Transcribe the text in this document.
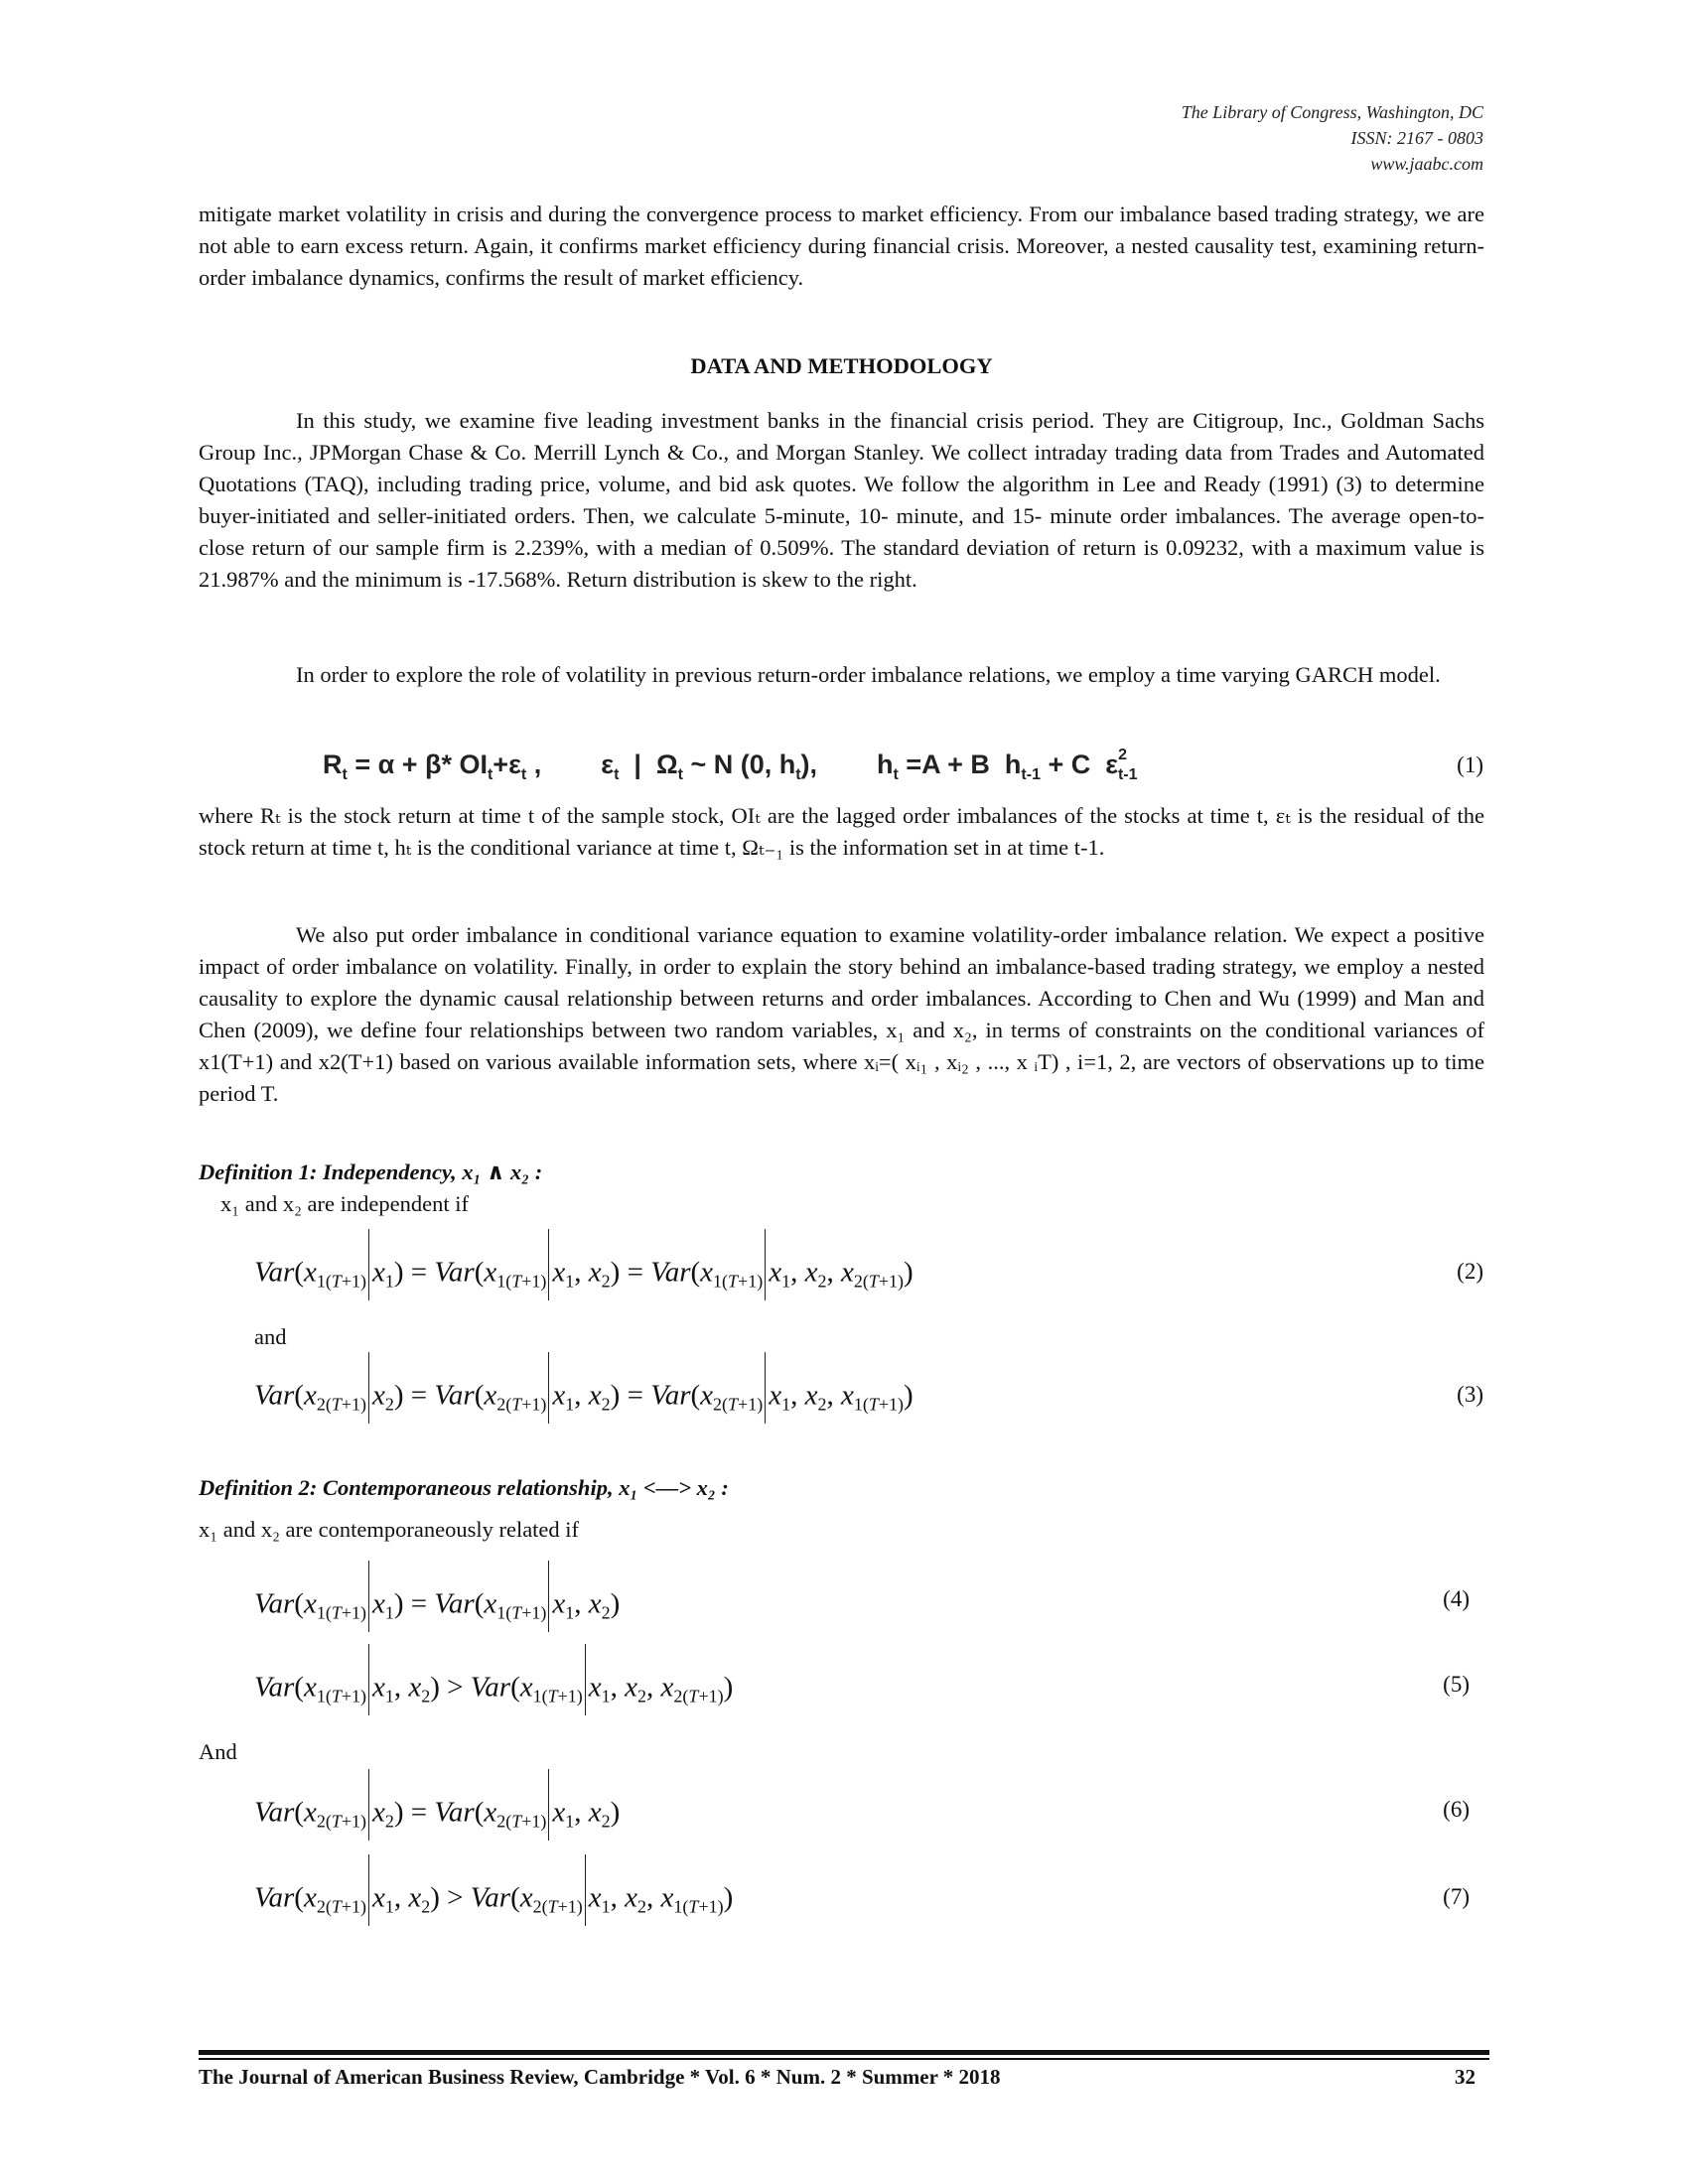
The Library of Congress, Washington, DC
ISSN: 2167 - 0803
www.jaabc.com

mitigate market volatility in crisis and during the convergence process to market efficiency. From our imbalance based trading strategy, we are not able to earn excess return. Again, it confirms market efficiency during financial crisis. Moreover, a nested causality test, examining return-order imbalance dynamics, confirms the result of market efficiency.

DATA AND METHODOLOGY

In this study, we examine five leading investment banks in the financial crisis period. They are Citigroup, Inc., Goldman Sachs Group Inc., JPMorgan Chase & Co. Merrill Lynch & Co., and Morgan Stanley. We collect intraday trading data from Trades and Automated Quotations (TAQ), including trading price, volume, and bid ask quotes. We follow the algorithm in Lee and Ready (1991) (3) to determine buyer-initiated and seller-initiated orders. Then, we calculate 5-minute, 10- minute, and 15- minute order imbalances. The average open-to-close return of our sample firm is 2.239%, with a median of 0.509%. The standard deviation of return is 0.09232, with a maximum value is 21.987% and the minimum is -17.568%. Return distribution is skew to the right.

In order to explore the role of volatility in previous return-order imbalance relations, we employ a time varying GARCH model.

$R_t = \alpha + \beta*$ $OI_t+\varepsilon_t$ ,        $\varepsilon_t$  |  $\Omega_t$ ~ N (0, $h_t$),        $h_t =A + B$  $h_{t-1} + C$  $\varepsilon^2_{t-1}$	(1)

where Rₜ is the stock return at time t of the sample stock, OIₜ are the lagged order imbalances of the stocks at time t, εₜ is the residual of the stock return at time t, hₜ is the conditional variance at time t, Ωₜ₋₁ is the information set in at time t-1.

We also put order imbalance in conditional variance equation to examine volatility-order imbalance relation. We expect a positive impact of order imbalance on volatility. Finally, in order to explain the story behind an imbalance-based trading strategy, we employ a nested causality to explore the dynamic causal relationship between returns and order imbalances. According to Chen and Wu (1999) and Man and Chen (2009), we define four relationships between two random variables, x₁ and x₂, in terms of constraints on the conditional variances of x1(T+1) and x2(T+1) based on various available information sets, where xᵢ=( xᵢ₁ , xᵢ₂ , ..., x ᵢT) , i=1, 2, are vectors of observations up to time period T.

Definition 1: Independency, x₁ ∧ x₂ :
x₁ and x₂ are independent if
$Var(x_{1(T+1)}$ $x_1) = Var(x_{1(T+1)}$ $x_1$, $x_2) = Var(x_{1(T+1)}$ $x_1$, $x_2$, $x_{2(T+1)}$)	(2)
and
$Var(x_{2(T+1)}$ $x_2) = Var(x_{2(T+1)}$ $x_1$, $x_2) = Var(x_{2(T+1)}$ $x_1$, $x_2$, $x_{1(T+1)}$)	(3)
Definition 2: Contemporaneous relationship, x₁ <—> x₂ :
x₁ and x₂ are contemporaneously related if
$Var(x_{1(T+1)}$ $x_1) = Var(x_{1(T+1)}$ $x_1$, $x_2$)	(4)
$Var(x_{1(T+1)}$ $x_1$, $x_2) > Var(x_{1(T+1)}$ $x_1$, $x_2$, $x_{2(T+1)}$)	(5)
And
$Var(x_{2(T+1)}$ $x_2) = Var(x_{2(T+1)}$ $x_1$, $x_2$)	(6)
$Var(x_{2(T+1)}$ $x_1$, $x_2) > Var(x_{2(T+1)}$ $x_1$, $x_2$, $x_{1(T+1)}$)	(7)
The Journal of American Business Review, Cambridge * Vol. 6 * Num. 2 * Summer * 2018	32
